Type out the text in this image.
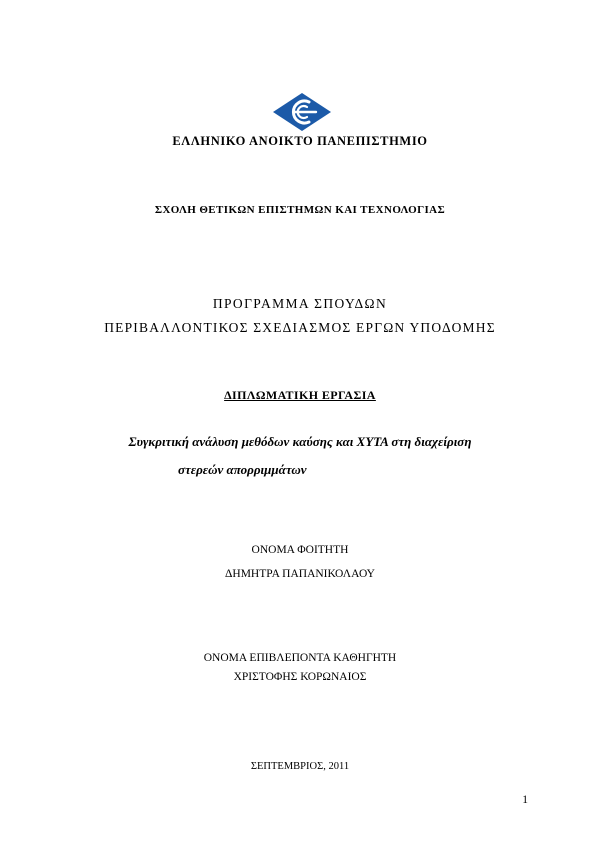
ΕΛΛΗΝΙΚΟ ΑΝΟΙΚΤΟ ΠΑΝΕΠΙΣΤΗΜΙΟ
ΣΧΟΛΗ ΘΕΤΙΚΩΝ ΕΠΙΣΤΗΜΩΝ ΚΑΙ ΤΕΧΝΟΛΟΓΙΑΣ
ΠΡΟΓΡΑΜΜΑ ΣΠΟΥΔΩΝ
ΠΕΡΙΒΑΛΛΟΝΤΙΚΟΣ ΣΧΕΔΙΑΣΜΟΣ ΕΡΓΩΝ ΥΠΟΔΟΜΗΣ
ΔΙΠΛΩΜΑΤΙΚΗ ΕΡΓΑΣΙΑ
Συγκριτική ανάλυση μεθόδων καύσης και ΧΥΤΑ στη διαχείριση
στερεών απορριμμάτων
ΟΝΟΜΑ ΦΟΙΤΗΤΗ
ΔΗΜΗΤΡΑ ΠΑΠΑΝΙΚΟΛΑΟΥ
ΟΝΟΜΑ ΕΠΙΒΛΕΠΟΝΤΑ ΚΑΘΗΓΗΤΗ
ΧΡΙΣΤΟΦΗΣ ΚΟΡΩΝΑΙΟΣ
ΣΕΠΤΕΜΒΡΙΟΣ, 2011
1
